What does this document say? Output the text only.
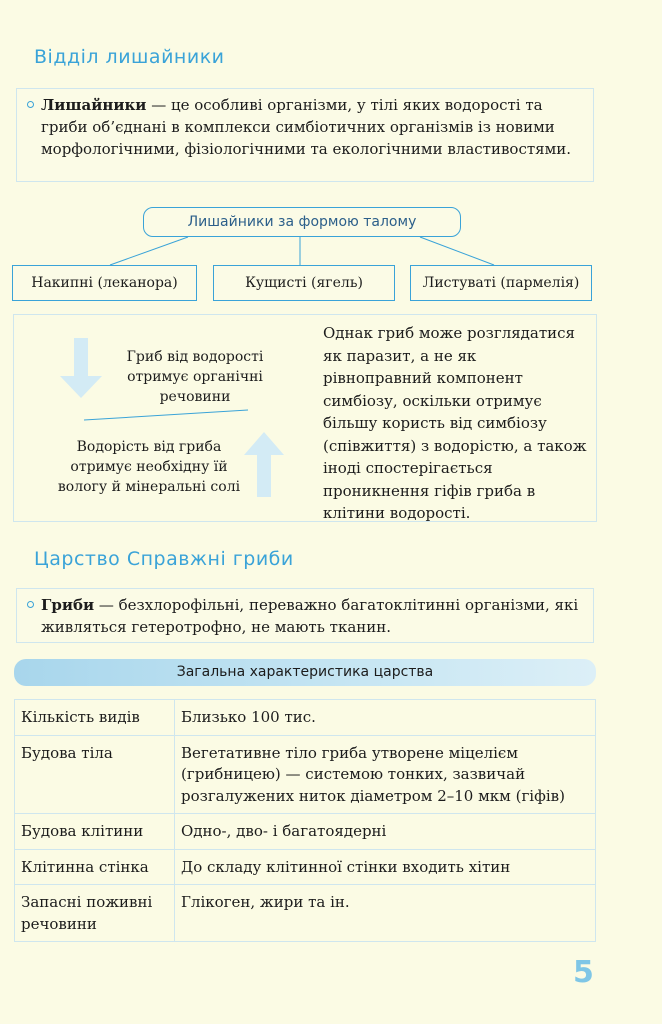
Відділ лишайники
Лишайники — це особливі організми, у тілі яких водорості та гриби об’єднані в комплекси симбіотичних організмів із новими морфологічними, фізіологічними та екологічними властивостями.
Лишайники за формою талому
Накипні (леканора)	Кущисті (ягель)	Листуваті (пармелія)
Гриб від водорості отримує органічні речовини
Водорість від гриба отримує необхідну їй вологу й мінеральні солі
Однак гриб може розглядатися як паразит, а не як рівноправний компонент симбіозу, оскільки отримує більшу користь від симбіозу (співжиття) з водорістю, а також іноді спостерігається проникнення гіфів гриба в клітини водорості.
Царство Справжні гриби
Гриби — безхлорофільні, переважно багатоклітинні організми, які живляться гетеротрофно, не мають тканин.
Загальна характеристика царства
Кількість видів	Близько 100 тис.
Будова тіла	Вегетативне тіло гриба утворене міцелієм (грибницею) — системою тонких, зазвичай розгалужених ниток діаметром 2–10 мкм (гіфів)
Будова клітини	Одно-, дво- і багатоядерні
Клітинна стінка	До складу клітинної стінки входить хітин
Запасні поживні речовини	Глікоген, жири та ін.
5
